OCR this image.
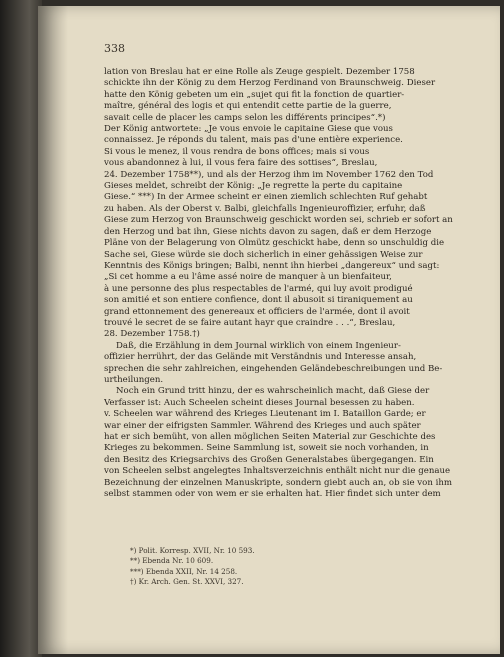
338
lation von Breslau hat er eine Rolle als Zeuge gespielt. Dezember 1758
schickte ihn der König zu dem Herzog Ferdinand von Braunschweig. Dieser
hatte den König gebeten um ein „sujet qui fit la fonction de quartier-
maître, général des logis et qui entendit cette partie de la guerre,
savait celle de placer les camps selon les différents principes“.*)
Der König antwortete: „Je vous envoie le capitaine Giese que vous
connaissez. Je réponds du talent, mais pas d'une entière experience.
Si vous le menez, il vous rendra de bons offices; mais si vous
vous abandonnez à lui, il vous fera faire des sottises“, Breslau,
24. Dezember 1758**), und als der Herzog ihm im November 1762 den Tod
Gieses meldet, schreibt der König: „Je regrette la perte du capitaine
Giese.“ ***) In der Armee scheint er einen ziemlich schlechten Ruf gehabt
zu haben. Als der Oberst v. Balbi, gleichfalls Ingenieuroffizier, erfuhr, daß
Giese zum Herzog von Braunschweig geschickt worden sei, schrieb er sofort an
den Herzog und bat ihn, Giese nichts davon zu sagen, daß er dem Herzoge
Pläne von der Belagerung von Olmütz geschickt habe, denn so unschuldig die
Sache sei, Giese würde sie doch sicherlich in einer gehässigen Weise zur
Kenntnis des Königs bringen; Balbi, nennt ihn hierbei „dangereux“ und sagt:
„Si cet homme a eu l'âme assé noire de manquer à un bienfaiteur,
à une personne des plus respectables de l'armé, qui luy avoit prodigué
son amitié et son entiere confience, dont il abusoit si tiraniquement au
grand ettonnement des genereaux et officiers de l'armée, dont il avoit
trouvé le secret de se faire autant hayr que craindre . . .“, Breslau,
28. Dezember 1758.†)
Daß, die Erzählung in dem Journal wirklich von einem Ingenieur-
offizier herrührt, der das Gelände mit Verständnis und Interesse ansah,
sprechen die sehr zahlreichen, eingehenden Geländebeschreibungen und Be-
urtheilungen.
Noch ein Grund tritt hinzu, der es wahrscheinlich macht, daß Giese der
Verfasser ist: Auch Scheelen scheint dieses Journal besessen zu haben.
v. Scheelen war während des Krieges Lieutenant im I. Bataillon Garde; er
war einer der eifrigsten Sammler. Während des Krieges und auch später
hat er sich bemüht, von allen möglichen Seiten Material zur Geschichte des
Krieges zu bekommen. Seine Sammlung ist, soweit sie noch vorhanden, in
den Besitz des Kriegsarchivs des Großen Generalstabes übergegangen. Ein
von Scheelen selbst angelegtes Inhaltsverzeichnis enthält nicht nur die genaue
Bezeichnung der einzelnen Manuskripte, sondern giebt auch an, ob sie von ihm
selbst stammen oder von wem er sie erhalten hat. Hier findet sich unter dem
*) Polit. Korresp. XVII, Nr. 10 593.
**) Ebenda Nr. 10 609.
***) Ebenda XXII, Nr. 14 258.
†) Kr. Arch. Gen. St. XXVI, 327.
